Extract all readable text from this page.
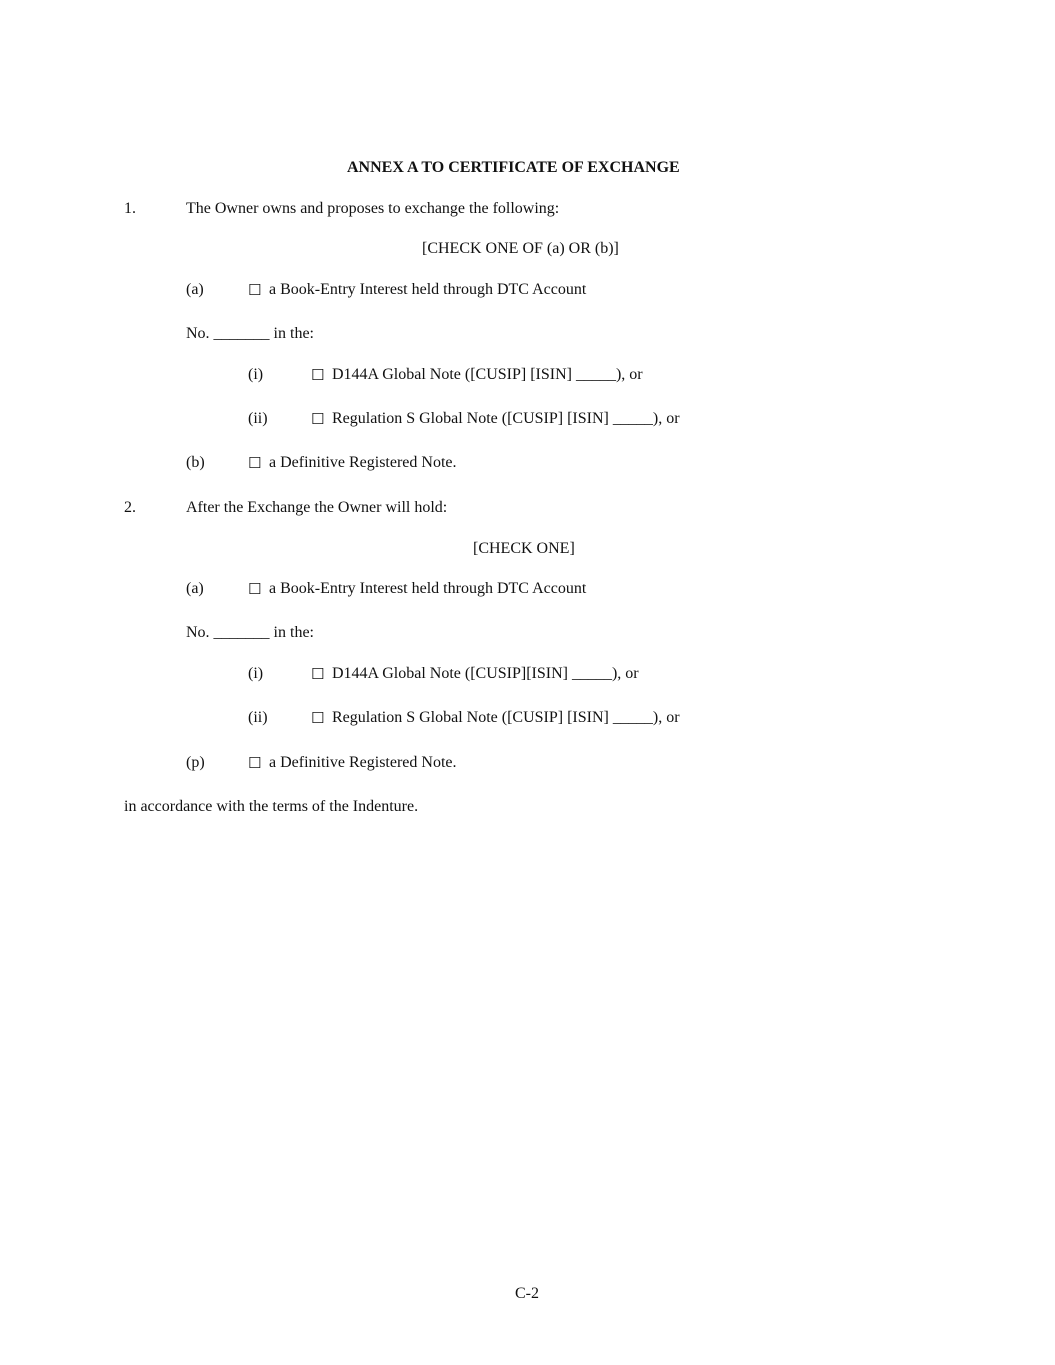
ANNEX A TO CERTIFICATE OF EXCHANGE
1.	The Owner owns and proposes to exchange the following:
[CHECK ONE OF (a) OR (b)]
(a)	☐ a Book-Entry Interest held through DTC Account
No. _______ in the:
(i)	☐ D144A Global Note ([CUSIP] [ISIN] _____), or
(ii)	☐ Regulation S Global Note ([CUSIP] [ISIN] _____), or
(b)	☐ a Definitive Registered Note.
2.	After the Exchange the Owner will hold:
[CHECK ONE]
(a)	☐ a Book-Entry Interest held through DTC Account
No. _______ in the:
(i)	☐ D144A Global Note ([CUSIP][ISIN] _____), or
(ii)	☐ Regulation S Global Note ([CUSIP] [ISIN] _____), or
(p)	☐ a Definitive Registered Note.
in accordance with the terms of the Indenture.
C-2
